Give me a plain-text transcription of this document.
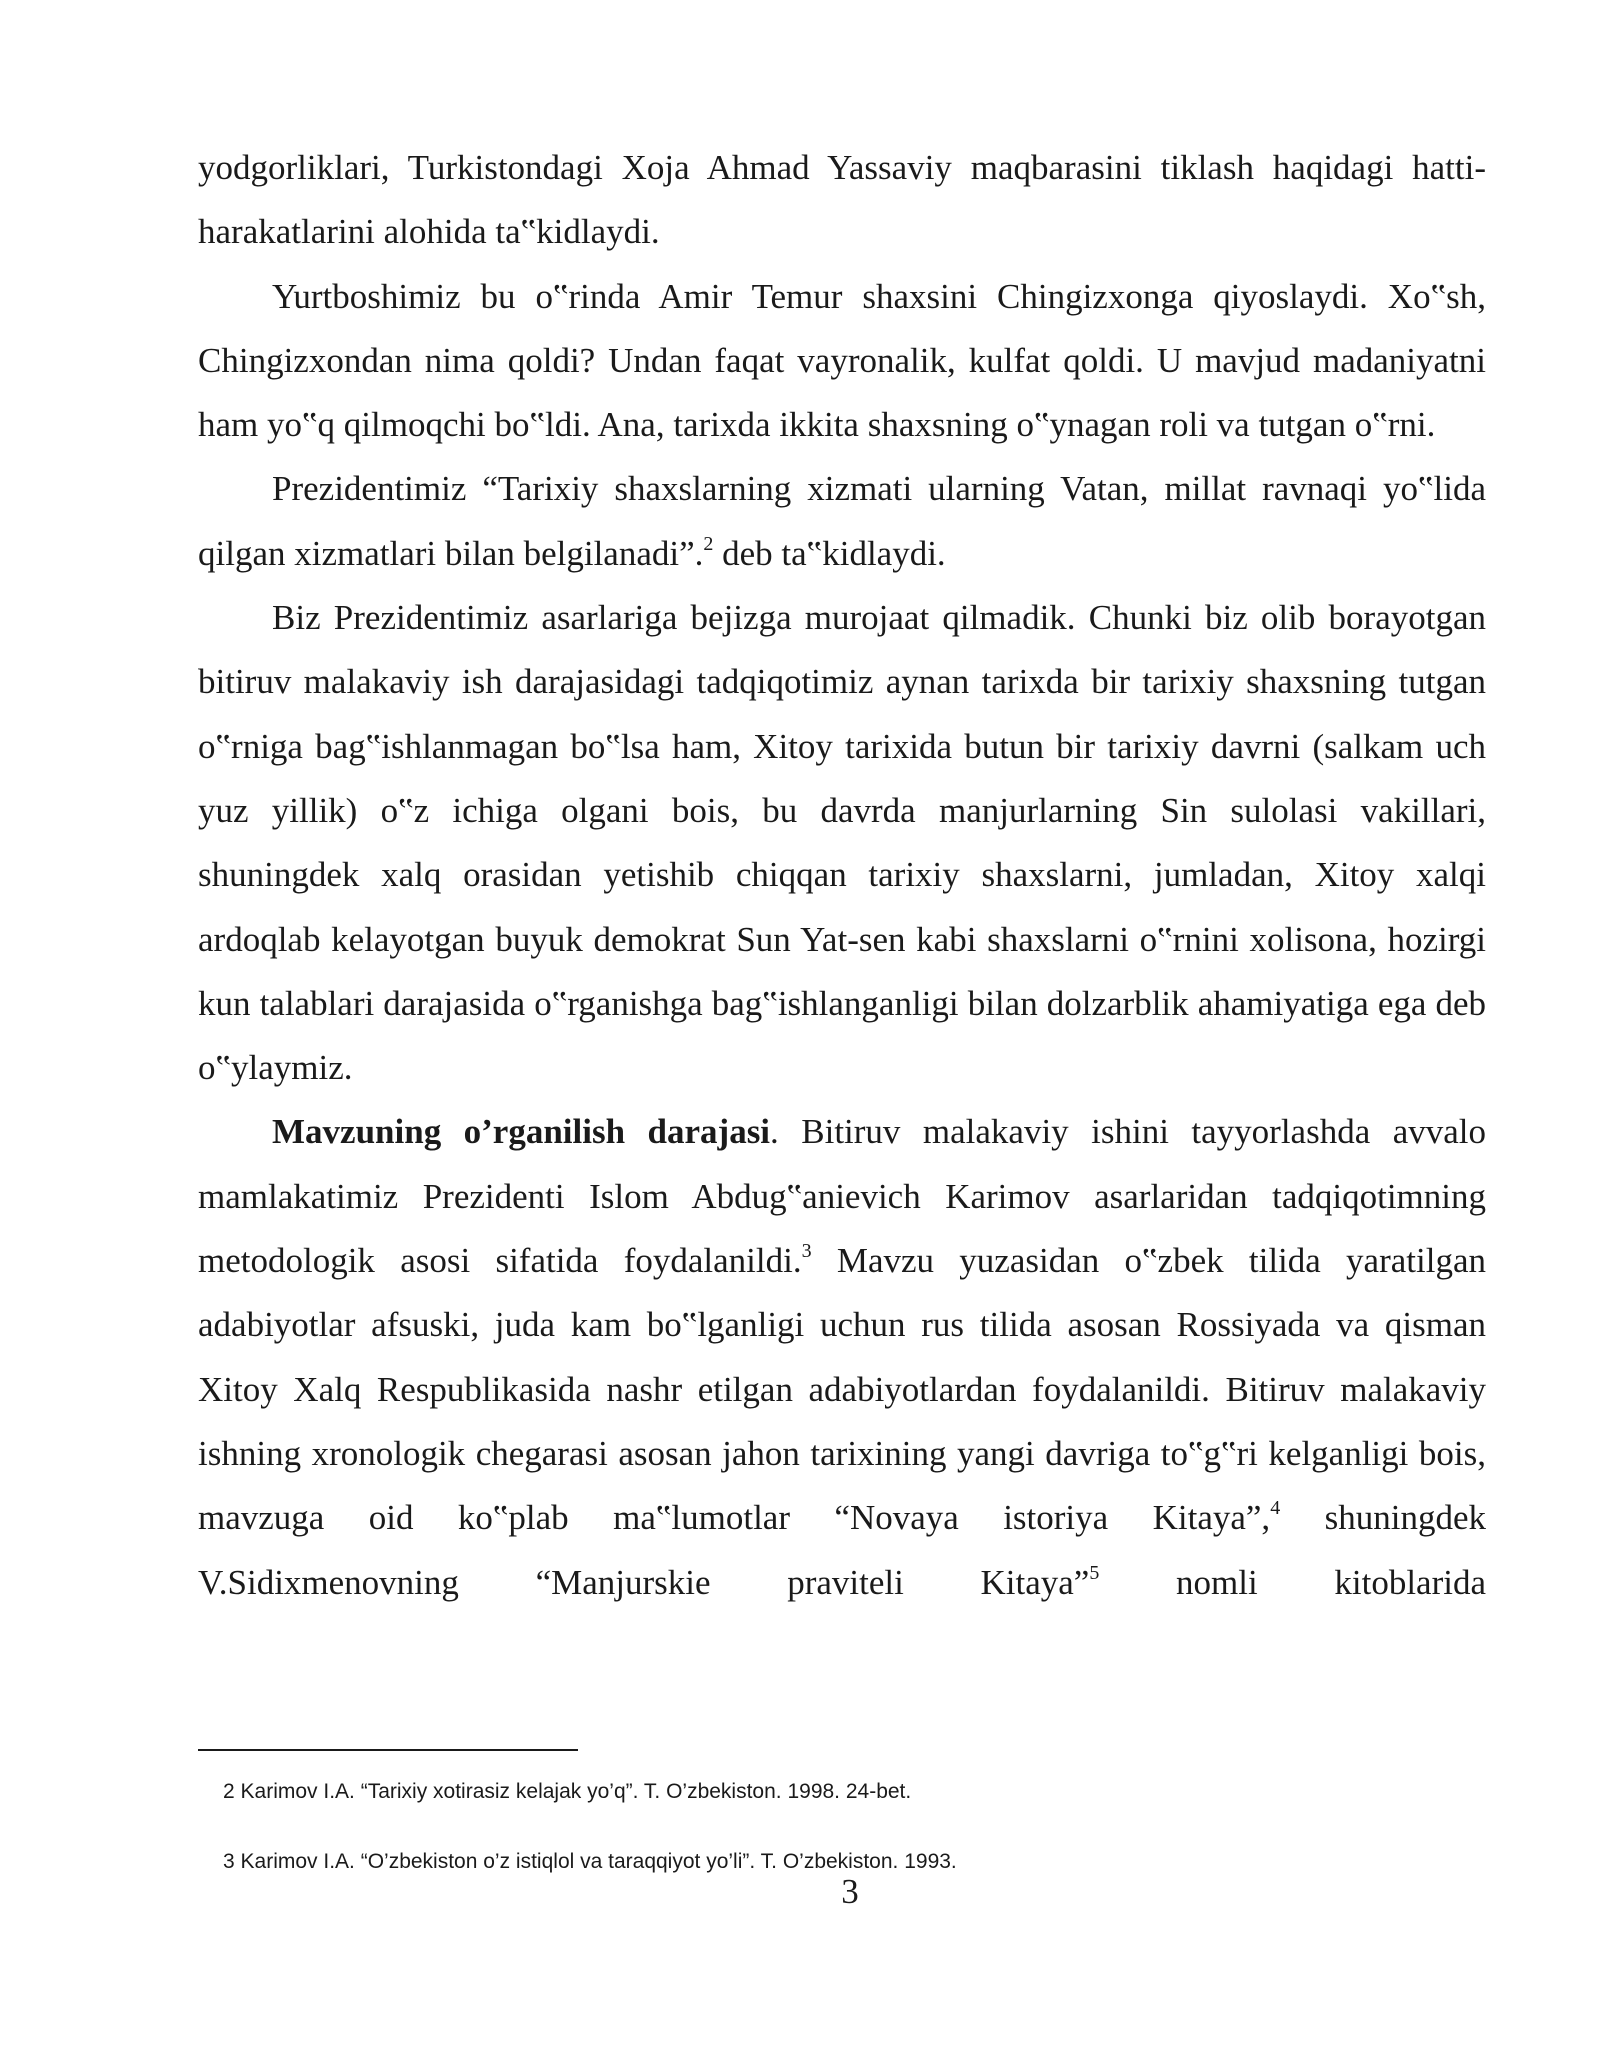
yodgorliklari, Turkistondagi Xoja Ahmad Yassaviy maqbarasini tiklash haqidagi hatti-harakatlarini alohida ta‟kidlaydi.

Yurtboshimiz bu o‟rinda Amir Temur shaxsini Chingizxonga qiyoslaydi. Xo‟sh, Chingizxondan nima qoldi? Undan faqat vayronalik, kulfat qoldi. U mavjud madaniyatni ham yo‟q qilmoqchi bo‟ldi. Ana, tarixda ikkita shaxsning o‟ynagan roli va tutgan o‟rni.

Prezidentimiz “Tarixiy shaxslarning xizmati ularning Vatan, millat ravnaqi yo‟lida qilgan xizmatlari bilan belgilanadi”.$^2$ deb ta‟kidlaydi.

Biz Prezidentimiz asarlariga bejizga murojaat qilmadik. Chunki biz olib borayotgan bitiruv malakaviy ish darajasidagi tadqiqotimiz aynan tarixda bir tarixiy shaxsning tutgan o‟rniga bag‟ishlanmagan bo‟lsa ham, Xitoy tarixida butun bir tarixiy davrni (salkam uch yuz yillik) o‟z ichiga olgani bois, bu davrda manjurlarning Sin sulolasi vakillari, shuningdek xalq orasidan yetishib chiqqan tarixiy shaxslarni, jumladan, Xitoy xalqi ardoqlab kelayotgan buyuk demokrat Sun Yat-sen kabi shaxslarni o‟rnini xolisona, hozirgi kun talablari darajasida o‟rganishga bag‟ishlanganligi bilan dolzarblik ahamiyatiga ega deb o‟ylaymiz.

Mavzuning o’rganilish darajasi. Bitiruv malakaviy ishini tayyorlashda avvalo mamlakatimiz Prezidenti Islom Abdug‟anievich Karimov asarlaridan tadqiqotimning metodologik asosi sifatida foydalanildi.$^3$ Mavzu yuzasidan o‟zbek tilida yaratilgan adabiyotlar afsuski, juda kam bo‟lganligi uchun rus tilida asosan Rossiyada va qisman Xitoy Xalq Respublikasida nashr etilgan adabiyotlardan foydalanildi. Bitiruv malakaviy ishning xronologik chegarasi asosan jahon tarixining yangi davriga to‟g‟ri kelganligi bois, mavzuga oid ko‟plab ma‟lumotlar “Novaya istoriya Kitaya”,$^4$ shuningdek V.Sidixmenovning “Manjurskie praviteli Kitaya”$^5$ nomli kitoblarida

2 Karimov I.A. “Tarixiy xotirasiz kelajak yo’q”. T. O’zbekiston. 1998. 24-bet.

3 Karimov I.A. “O’zbekiston o’z istiqlol va taraqqiyot yo’li”. T. O’zbekiston. 1993.

3
